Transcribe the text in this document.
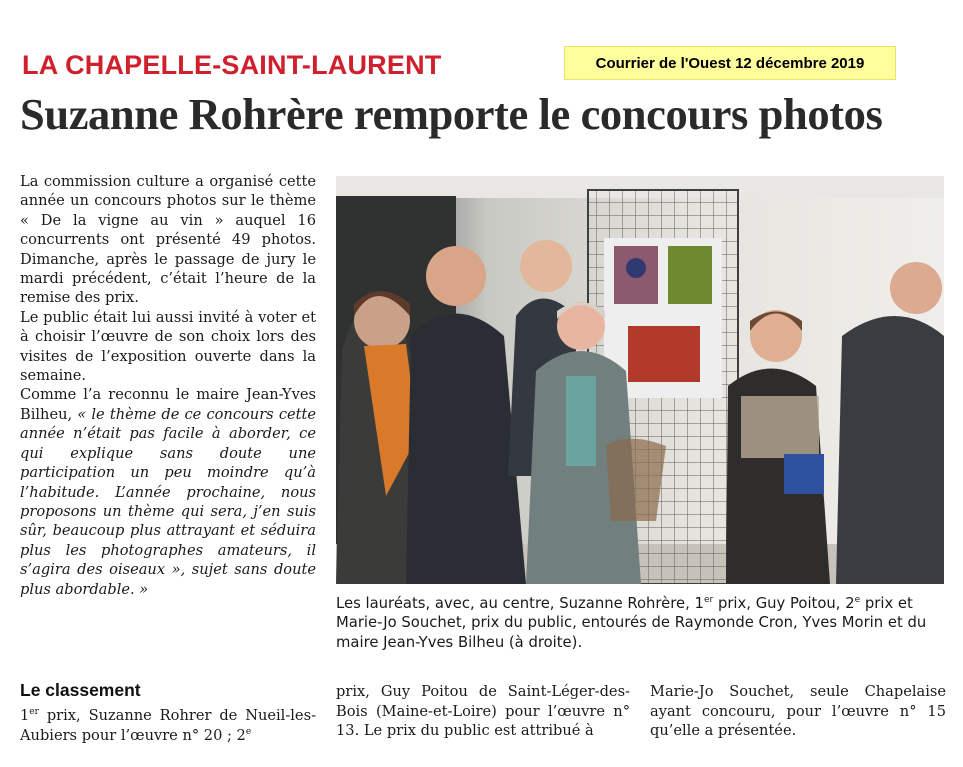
Courrier de l'Ouest 12 décembre 2019
LA CHAPELLE-SAINT-LAURENT
Suzanne Rohrère remporte le concours photos

La commission culture a organisé cette année un concours photos sur le thème « De la vigne au vin » auquel 16 concurrents ont présenté 49 photos. Dimanche, après le passage de jury le mardi précédent, c’était l’heure de la remise des prix.

Le public était lui aussi invité à voter et à choisir l’œuvre de son choix lors des visites de l’exposition ouverte dans la semaine.

Comme l’a reconnu le maire Jean-Yves Bilheu, « le thème de ce concours cette année n’était pas facile à aborder, ce qui explique sans doute une participation un peu moindre qu’à l’habitude. L’année prochaine, nous proposons un thème qui sera, j’en suis sûr, beaucoup plus attrayant et séduira plus les photographes amateurs, il s’agira des oiseaux », sujet sans doute plus abordable. »

Les lauréats, avec, au centre, Suzanne Rohrère, 1er prix, Guy Poitou, 2e prix et Marie-Jo Souchet, prix du public, entourés de Raymonde Cron, Yves Morin et du maire Jean-Yves Bilheu (à droite).

Le classement

1er prix, Suzanne Rohrer de Nueil-les-Aubiers pour l’œuvre n° 20 ; 2e

prix, Guy Poitou de Saint-Léger-des-Bois (Maine-et-Loire) pour l’œuvre n° 13. Le prix du public est attribué à

Marie-Jo Souchet, seule Chapelaise ayant concouru, pour l’œuvre n° 15 qu’elle a présentée.
